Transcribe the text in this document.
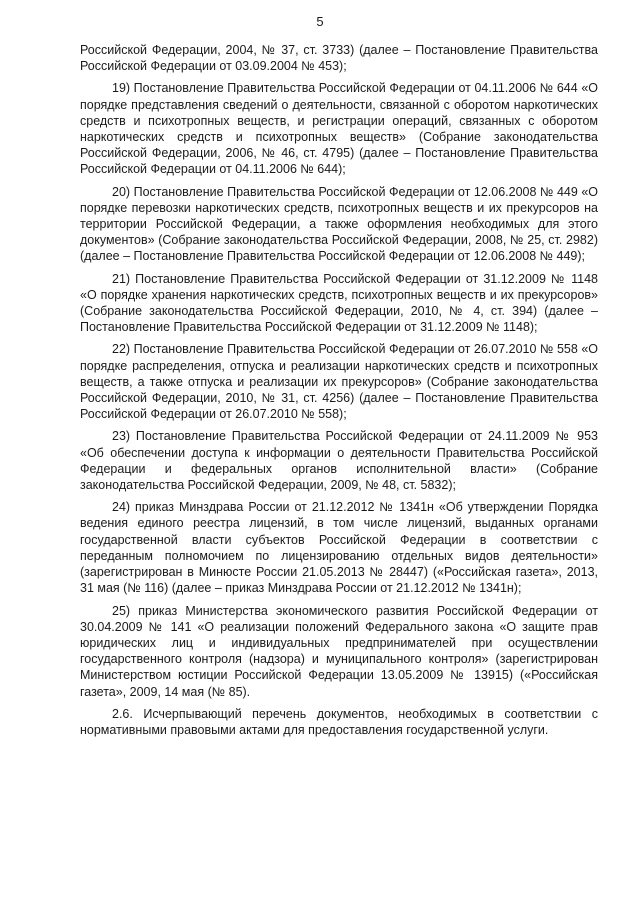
5

Российской Федерации, 2004, № 37, ст. 3733) (далее – Постановление Правительства Российской Федерации от 03.09.2004 № 453);

19) Постановление Правительства Российской Федерации от 04.11.2006 № 644 «О порядке представления сведений о деятельности, связанной с оборотом наркотических средств и психотропных веществ, и регистрации операций, связанных с оборотом наркотических средств и психотропных веществ» (Собрание законодательства Российской Федерации, 2006, № 46, ст. 4795) (далее – Постановление Правительства Российской Федерации от 04.11.2006 № 644);

20) Постановление Правительства Российской Федерации от 12.06.2008 № 449 «О порядке перевозки наркотических средств, психотропных веществ и их прекурсоров на территории Российской Федерации, а также оформления необходимых для этого документов» (Собрание законодательства Российской Федерации, 2008, № 25, ст. 2982) (далее – Постановление Правительства Российской Федерации от 12.06.2008 № 449);

21) Постановление Правительства Российской Федерации от 31.12.2009 № 1148 «О порядке хранения наркотических средств, психотропных веществ и их прекурсоров» (Собрание законодательства Российской Федерации, 2010, № 4, ст. 394) (далее – Постановление Правительства Российской Федерации от 31.12.2009 № 1148);

22) Постановление Правительства Российской Федерации от 26.07.2010 № 558 «О порядке распределения, отпуска и реализации наркотических средств и психотропных веществ, а также отпуска и реализации их прекурсоров» (Собрание законодательства Российской Федерации, 2010, № 31, ст. 4256) (далее – Постановление Правительства Российской Федерации от 26.07.2010 № 558);

23) Постановление Правительства Российской Федерации от 24.11.2009 № 953 «Об обеспечении доступа к информации о деятельности Правительства Российской Федерации и федеральных органов исполнительной власти» (Собрание законодательства Российской Федерации, 2009, № 48, ст. 5832);

24) приказ Минздрава России от 21.12.2012 № 1341н «Об утверждении Порядка ведения единого реестра лицензий, в том числе лицензий, выданных органами государственной власти субъектов Российской Федерации в соответствии с переданным полномочием по лицензированию отдельных видов деятельности» (зарегистрирован в Минюсте России 21.05.2013 № 28447) («Российская газета», 2013, 31 мая (№ 116) (далее – приказ Минздрава России от 21.12.2012 № 1341н);

25) приказ Министерства экономического развития Российской Федерации от 30.04.2009 № 141 «О реализации положений Федерального закона «О защите прав юридических лиц и индивидуальных предпринимателей при осуществлении государственного контроля (надзора) и муниципального контроля» (зарегистрирован Министерством юстиции Российской Федерации 13.05.2009 № 13915) («Российская газета», 2009, 14 мая (№ 85).

2.6. Исчерпывающий перечень документов, необходимых в соответствии с нормативными правовыми актами для предоставления государственной услуги.
